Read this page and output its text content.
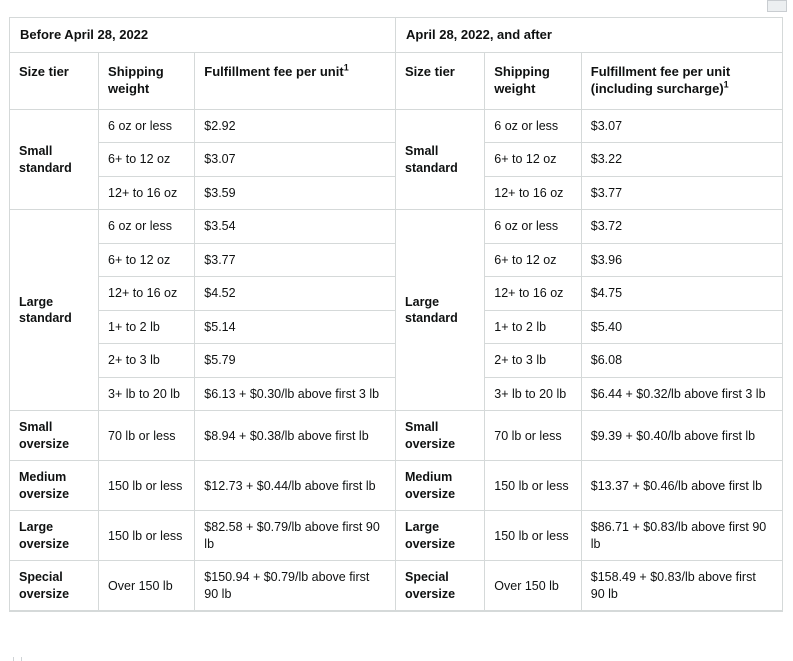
Before April 28, 2022
Size tier	Shipping weight	Fulfillment fee per unit$^1$
Small standard	6 oz or less	$2.92
	6+ to 12 oz	$3.07
	12+ to 16 oz	$3.59
Large standard	6 oz or less	$3.54
	6+ to 12 oz	$3.77
	12+ to 16 oz	$4.52
	1+ to 2 lb	$5.14
	2+ to 3 lb	$5.79
	3+ lb to 20 lb	$6.13 + $0.30/lb above first 3 lb
Small oversize	70 lb or less	$8.94 + $0.38/lb above first lb
Medium oversize	150 lb or less	$12.73 + $0.44/lb above first lb
Large oversize	150 lb or less	$82.58 + $0.79/lb above first 90 lb
Special oversize	Over 150 lb	$150.94 + $0.79/lb above first 90 lb
April 28, 2022, and after
Size tier	Shipping weight	Fulfillment fee per unit (including surcharge)$^1$
Small standard	6 oz or less	$3.07
	6+ to 12 oz	$3.22
	12+ to 16 oz	$3.77
Large standard	6 oz or less	$3.72
	6+ to 12 oz	$3.96
	12+ to 16 oz	$4.75
	1+ to 2 lb	$5.40
	2+ to 3 lb	$6.08
	3+ lb to 20 lb	$6.44 + $0.32/lb above first 3 lb
Small oversize	70 lb or less	$9.39 + $0.40/lb above first lb
Medium oversize	150 lb or less	$13.37 + $0.46/lb above first lb
Large oversize	150 lb or less	$86.71 + $0.83/lb above first 90 lb
Special oversize	Over 150 lb	$158.49 + $0.83/lb above first 90 lb
